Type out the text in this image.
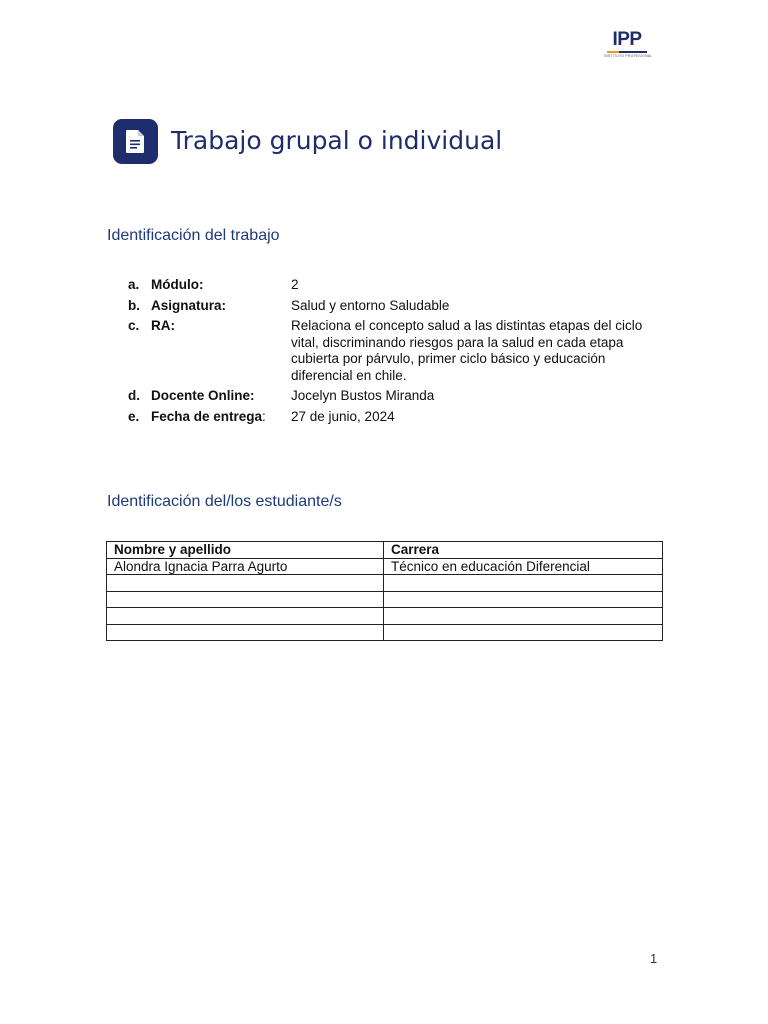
IPP
INSTITUTO PROFESIONAL
Trabajo grupal o individual
Identificación del trabajo
a. Módulo:	2
b. Asignatura:	Salud y entorno Saludable
c. RA:	Relaciona el concepto salud a las distintas etapas del ciclo vital, discriminando riesgos para la salud en cada etapa cubierta por párvulo, primer ciclo básico y educación diferencial en chile.
d. Docente Online:	Jocelyn Bustos Miranda
e. Fecha de entrega:	27 de junio, 2024
Identificación del/los estudiante/s
Nombre y apellido	Carrera
Alondra Ignacia Parra Agurto	Técnico en educación Diferencial

1
